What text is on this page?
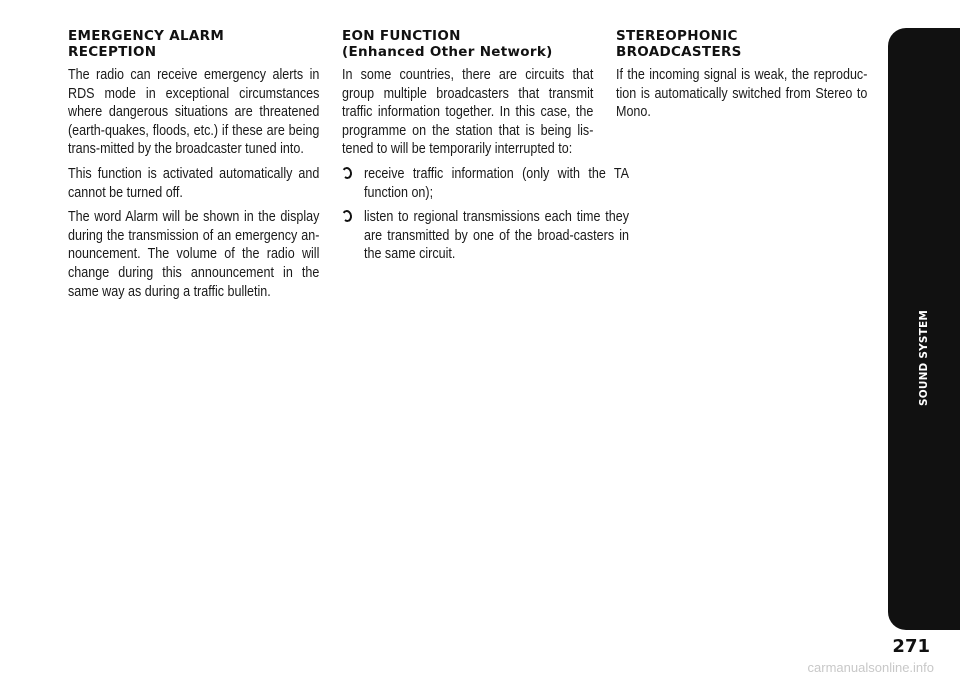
EMERGENCY ALARM
RECEPTION

The radio can receive emergency alerts in RDS mode in exceptional circumstances where dangerous situations are threatened (earth-quakes, floods, etc.) if these are being trans-mitted by the broadcaster tuned into.

This function is activated automatically and cannot be turned off.

The word Alarm will be shown in the display during the transmission of an emergency an-nouncement. The volume of the radio will change during this announcement in the same way as during a traffic bulletin.

EON FUNCTION
(Enhanced Other Network)

In some countries, there are circuits that group multiple broadcasters that transmit traffic information together. In this case, the programme on the station that is being lis-tened to will be temporarily interrupted to:

receive traffic information (only with the TA function on);
listen to regional transmissions each time they are transmitted by one of the broad-casters in the same circuit.
STEREOPHONIC
BROADCASTERS

If the incoming signal is weak, the reproduc-tion is automatically switched from Stereo to Mono.

SOUND SYSTEM
271
carmanualsonline.info
